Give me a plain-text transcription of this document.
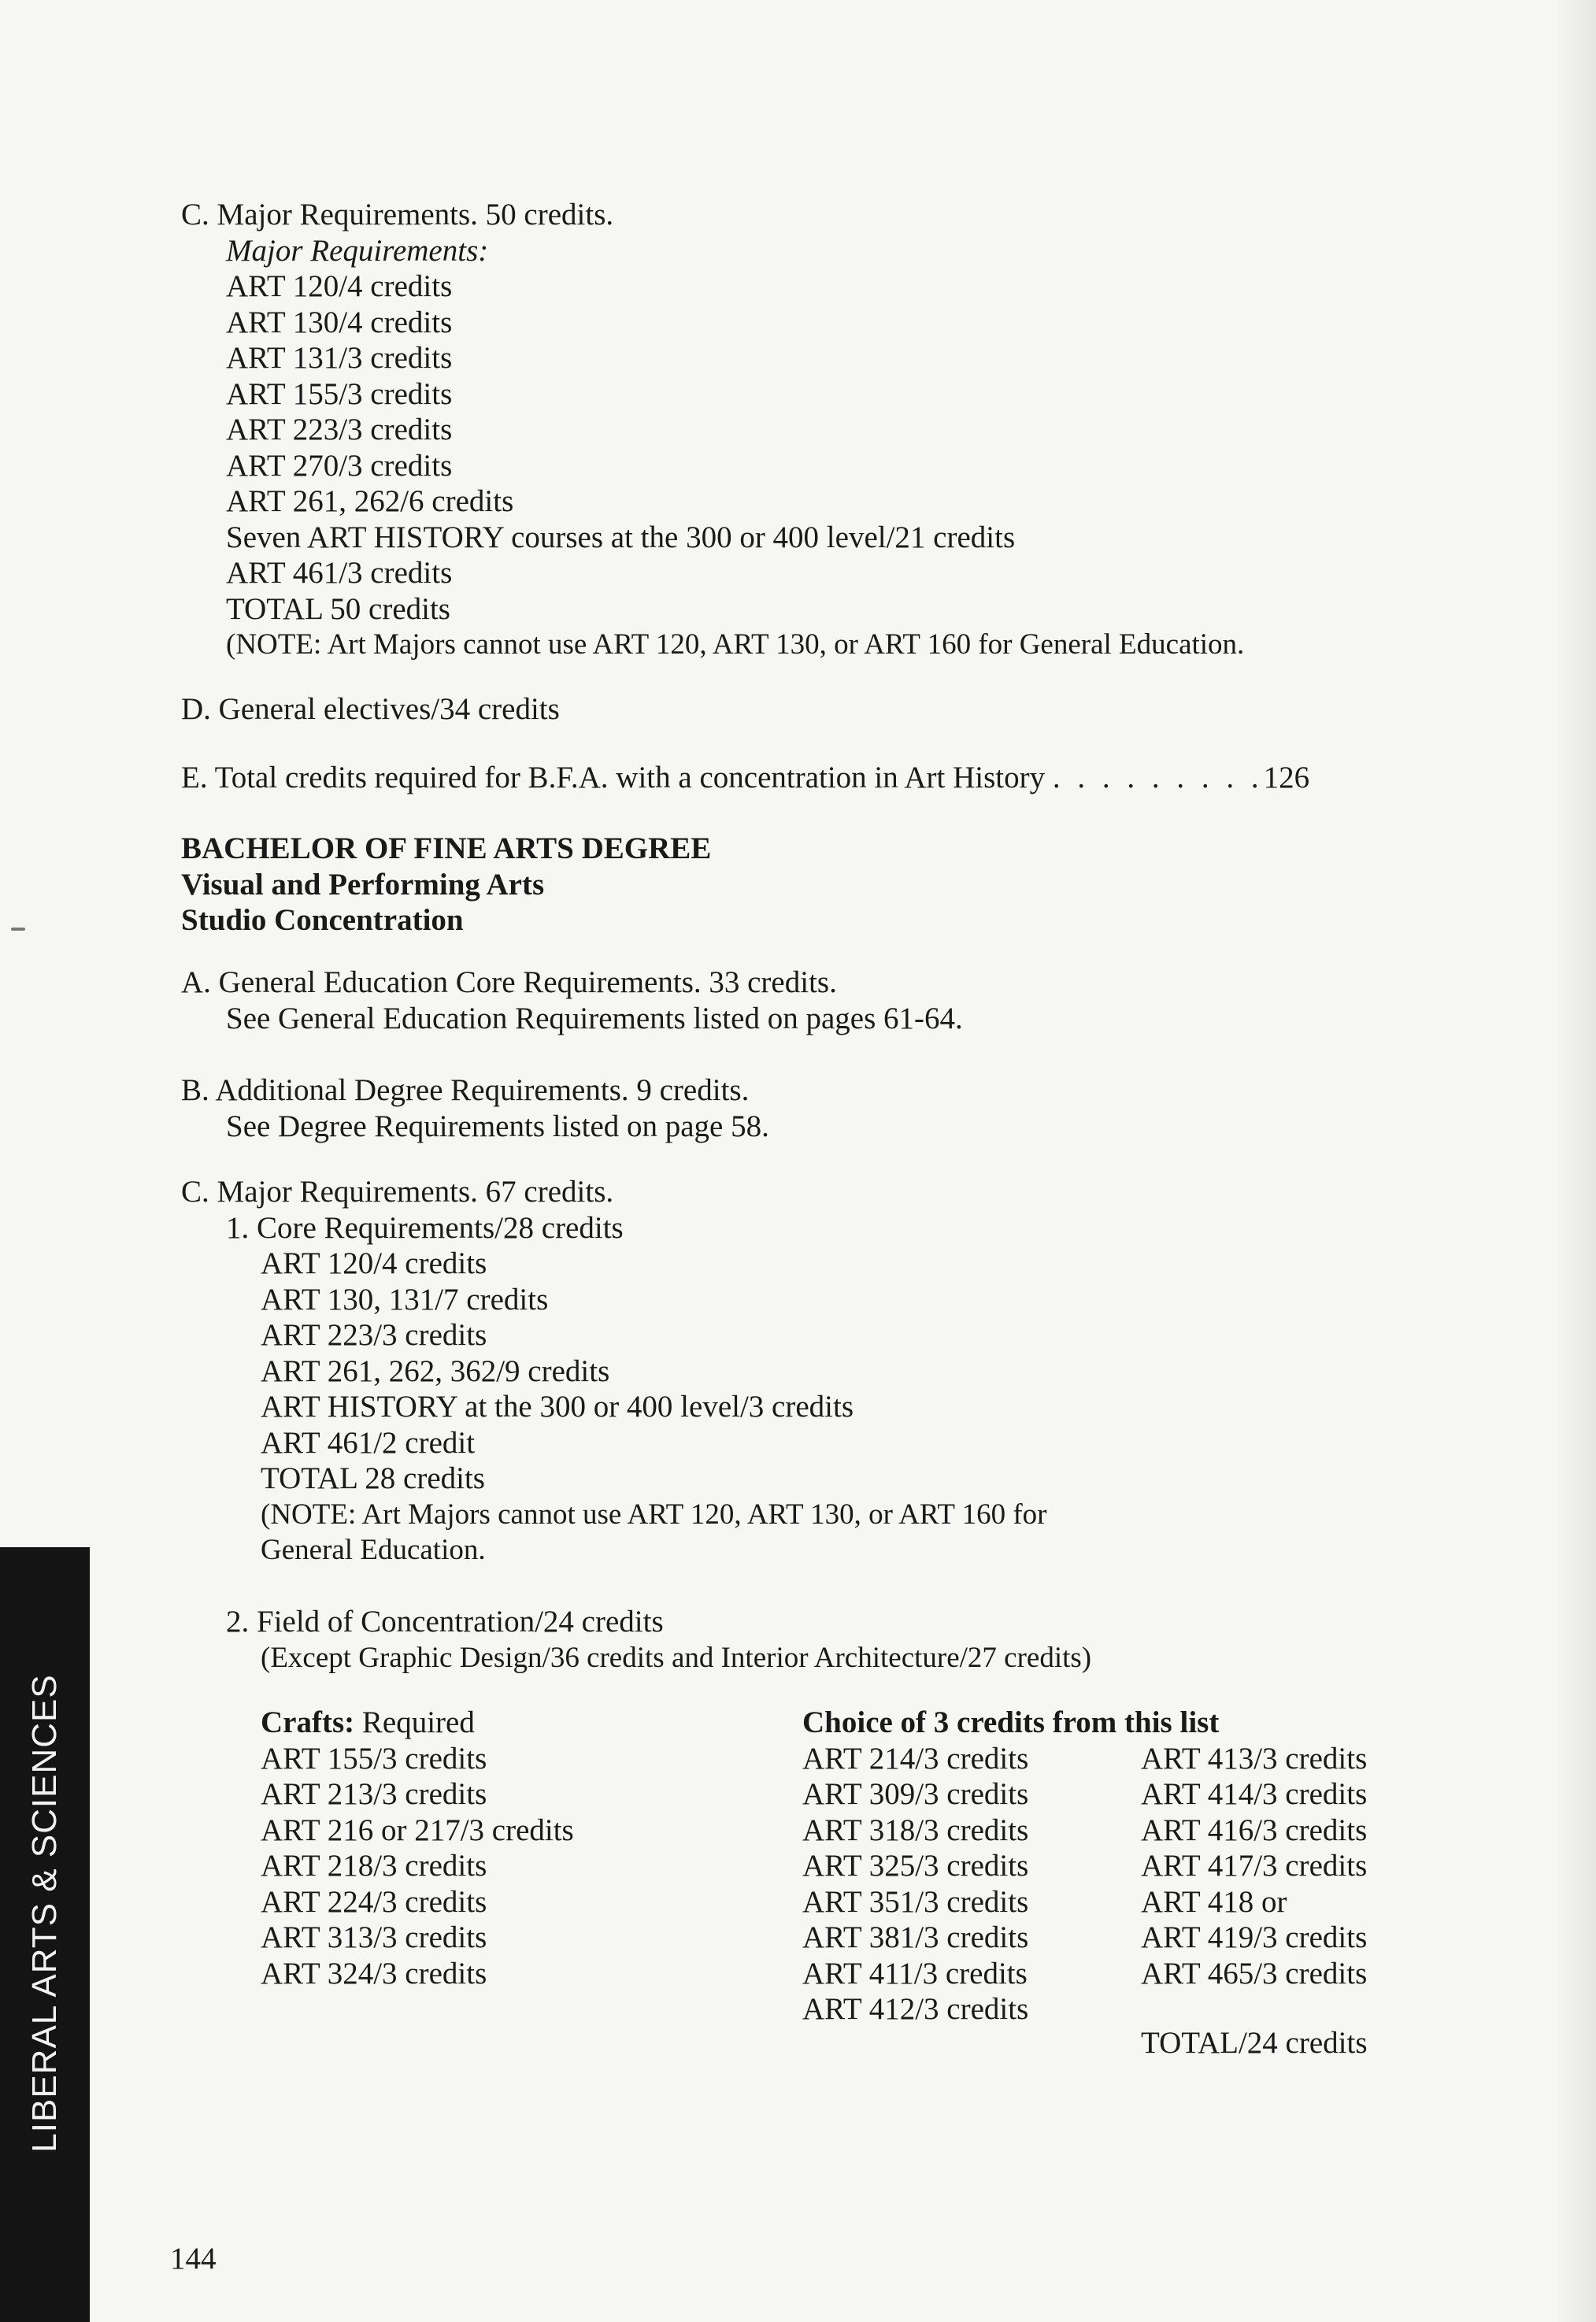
C. Major Requirements. 50 credits.
Major Requirements:
ART 120/4 credits
ART 130/4 credits
ART 131/3 credits
ART 155/3 credits
ART 223/3 credits
ART 270/3 credits
ART 261, 262/6 credits
Seven ART HISTORY courses at the 300 or 400 level/21 credits
ART 461/3 credits
TOTAL 50 credits
(NOTE: Art Majors cannot use ART 120, ART 130, or ART 160 for General Education.
D. General electives/34 credits
E. Total credits required for B.F.A. with a concentration in Art History . . . . . . . . .126
BACHELOR OF FINE ARTS DEGREE
Visual and Performing Arts
Studio Concentration
A. General Education Core Requirements. 33 credits.
See General Education Requirements listed on pages 61-64.
B. Additional Degree Requirements. 9 credits.
See Degree Requirements listed on page 58.
C. Major Requirements. 67 credits.
1. Core Requirements/28 credits
ART 120/4 credits
ART 130, 131/7 credits
ART 223/3 credits
ART 261, 262, 362/9 credits
ART HISTORY at the 300 or 400 level/3 credits
ART 461/2 credit
TOTAL 28 credits
(NOTE: Art Majors cannot use ART 120, ART 130, or ART 160 for
General Education.
2. Field of Concentration/24 credits
(Except Graphic Design/36 credits and Interior Architecture/27 credits)
Crafts: Required
ART 155/3 credits
ART 213/3 credits
ART 216 or 217/3 credits
ART 218/3 credits
ART 224/3 credits
ART 313/3 credits
ART 324/3 credits
Choice of 3 credits from this list
ART 214/3 credits
ART 309/3 credits
ART 318/3 credits
ART 325/3 credits
ART 351/3 credits
ART 381/3 credits
ART 411/3 credits
ART 412/3 credits
ART 413/3 credits
ART 414/3 credits
ART 416/3 credits
ART 417/3 credits
ART 418 or
ART 419/3 credits
ART 465/3 credits
TOTAL/24 credits
LIBERAL ARTS & SCIENCES
144
